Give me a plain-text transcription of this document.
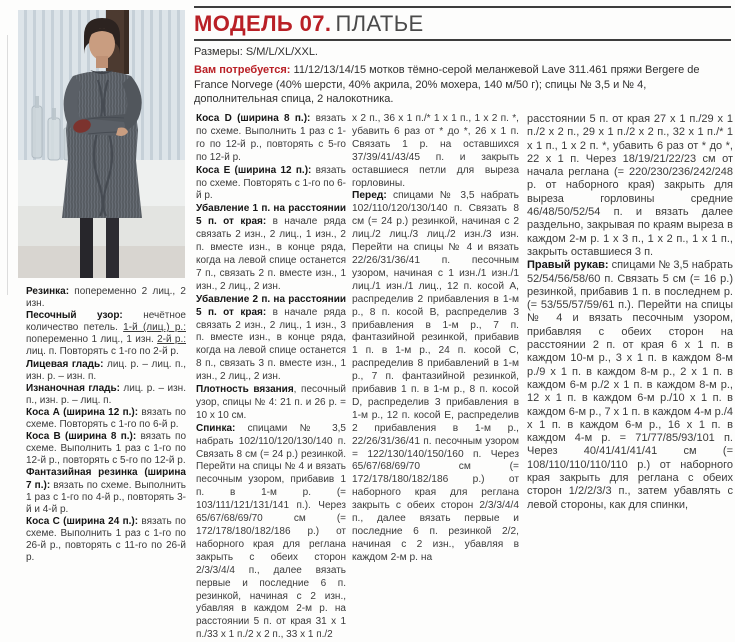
МОДЕЛЬ 07. ПЛАТЬЕ
Размеры: S/M/L/XL/XXL.
Вам потребуется: 11/12/13/14/15 мотков тёмно-серой меланжевой Lave 311.461 пряжи Bergere de France Norvege (40% шерсти, 40% акрила, 20% мохера, 140 м/50 г); спицы № 3,5 и № 4, дополнительная спица, 2 налокотника.

Резинка: попеременно 2 лиц., 2 изн.

Песочный узор: нечётное количество петель. 1-й (лиц.) р.: попеременно 1 лиц., 1 изн. 2-й р.: лиц. п. Повторять с 1-го по 2-й р.

Лицевая гладь: лиц. р. – лиц. п., изн. р. – изн. п.

Изнаночная гладь: лиц. р. – изн. п., изн. р. – лиц. п.

Коса А (ширина 12 п.): вязать по схеме. Повторять с 1-го по 6-й р.

Коса В (ширина 8 п.): вязать по схеме. Выполнить 1 раз с 1-го по 12-й р., повторять с 5-го по 12-й р.

Фантазийная резинка (ширина 7 п.): вязать по схеме. Выполнить 1 раз с 1-го по 4-й р., повторять 3-й и 4-й р.

Коса С (ширина 24 п.): вязать по схеме. Выполнить 1 раз с 1-го по 26-й р., повторять с 11-го по 26-й р.

Коса D (ширина 8 п.): вязать по схеме. Выполнить 1 раз с 1-го по 12-й р., повторять с 5-го по 12-й р.

Коса Е (ширина 12 п.): вязать по схеме. Повторять с 1-го по 6-й р.

Убавление 1 п. на расстоянии 5 п. от края: в начале ряда связать 2 изн., 2 лиц., 1 изн., 2 п. вместе изн., в конце ряда, когда на левой спице останется 7 п., связать 2 п. вместе изн., 1 изн., 2 лиц., 2 изн.

Убавление 2 п. на расстоянии 5 п. от края: в начале ряда связать 2 изн., 2 лиц., 1 изн., 3 п. вместе изн., в конце ряда, когда на левой спице останется 8 п., связать 3 п. вместе изн., 1 изн., 2 лиц., 2 изн.

Плотность вязания, песочный узор, спицы № 4: 21 п. и 26 р. = 10 х 10 см.

Спинка: спицами № 3,5 набрать 102/110/120/130/140 п. Связать 8 см (= 24 р.) резинкой. Перейти на спицы № 4 и вязать песочным узором, прибавив 1 п. в 1-м р. (= 103/111/121/131/141 п.). Через 65/67/68/69/70 см (= 172/178/180/182/186 р.) от наборного края для реглана закрыть с обеих сторон 2/3/3/4/4 п., далее вязать первые и последние 6 п. резинкой, начиная с 2 изн., убавляя в каждом 2-м р. на расстоянии 5 п. от края 31 х 1 п./33 х 1 п./2 х 2 п., 33 х 1 п./2

х 2 п., 36 х 1 п./* 1 х 1 п., 1 х 2 п. *, убавить 6 раз от * до *, 26 х 1 п. Связать 1 р. на оставшихся 37/39/41/43/45 п. и закрыть оставшиеся петли для выреза горловины.

Перед: спицами № 3,5 набрать 102/110/120/130/140 п. Связать 8 см (= 24 р.) резинкой, начиная с 2 лиц./2 лиц./3 лиц./2 изн./3 изн. Перейти на спицы № 4 и вязать 22/26/31/36/41 п. песочным узором, начиная с 1 изн./1 изн./1 лиц./1 изн./1 лиц., 12 п. косой А, распределив 2 прибавления в 1-м р., 8 п. косой В, распределив 3 прибавления в 1-м р., 7 п. фантазийной резинкой, прибавив 1 п. в 1-м р., 24 п. косой С, распределив 8 прибавлений в 1-м р., 7 п. фантазийной резинкой, прибавив 1 п. в 1-м р., 8 п. косой D, распределив 3 прибавления в 1-м р., 12 п. косой Е, распределив 2 прибавления в 1-м р., 22/26/31/36/41 п. песочным узором = 122/130/140/150/160 п. Через 65/67/68/69/70 см (= 172/178/180/182/186 р.) от наборного края для реглана закрыть с обеих сторон 2/3/3/4/4 п., далее вязать первые и последние 6 п. резинкой 2/2, начиная с 2 изн., убавляя в каждом 2-м р. на

расстоянии 5 п. от края 27 х 1 п./29 х 1 п./2 х 2 п., 29 х 1 п./2 х 2 п., 32 х 1 п./* 1 х 1 п., 1 х 2 п. *, убавить 6 раз от * до *, 22 х 1 п. Через 18/19/21/22/23 см от начала реглана (= 220/230/236/242/248 р. от наборного края) закрыть для выреза горловины средние 46/48/50/52/54 п. и вязать далее раздельно, закрывая по краям выреза в каждом 2-м р. 1 х 3 п., 1 х 2 п., 1 х 1 п., закрыть оставшиеся 3 п.

Правый рукав: спицами № 3,5 набрать 52/54/56/58/60 п. Связать 5 см (= 16 р.) резинкой, прибавив 1 п. в последнем р. (= 53/55/57/59/61 п.). Перейти на спицы № 4 и вязать песочным узором, прибавляя с обеих сторон на расстоянии 2 п. от края 6 х 1 п. в каждом 10-м р., 3 х 1 п. в каждом 8-м р./9 х 1 п. в каждом 8-м р., 2 х 1 п. в каждом 6-м р./2 х 1 п. в каждом 8-м р., 12 х 1 п. в каждом 6-м р./10 х 1 п. в каждом 6-м р., 7 х 1 п. в каждом 4-м р./4 х 1 п. в каждом 6-м р., 16 х 1 п. в каждом 4-м р. = 71/77/85/93/101 п. Через 40/41/41/41/41 см (= 108/110/110/110/110 р.) от наборного края закрыть для реглана с обеих сторон 1/2/2/3/3 п., затем убавлять с левой стороны, как для спинки,
